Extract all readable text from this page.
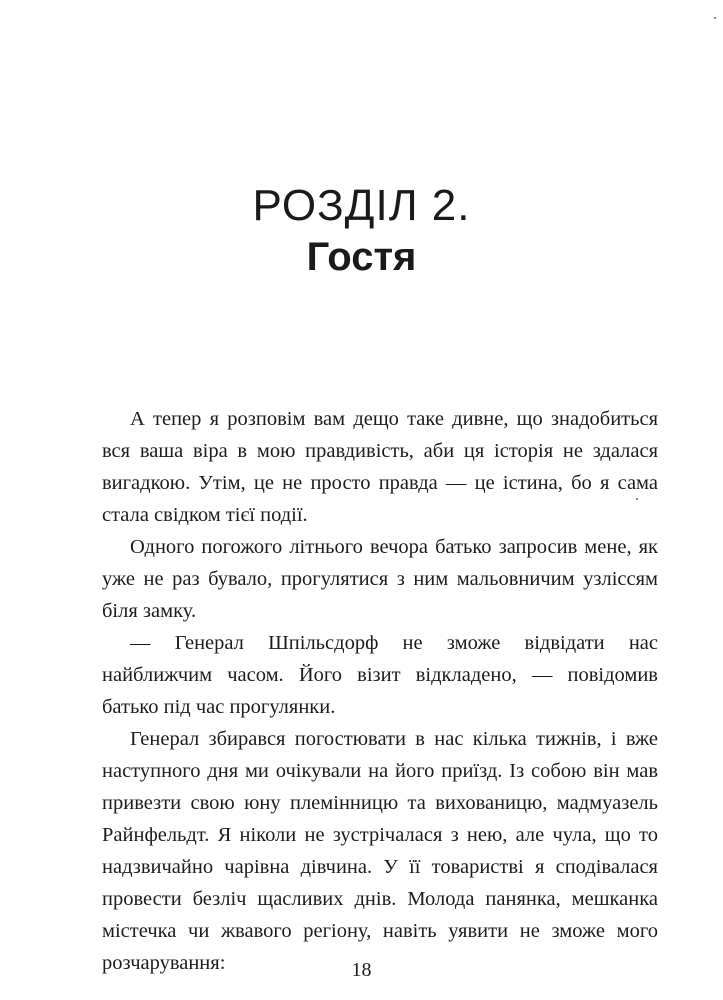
РОЗДІЛ 2.
Гостя

А тепер я розповім вам дещо таке дивне, що знадобиться вся ваша віра в мою правдивість, аби ця історія не здалася вигадкою. Утім, це не просто правда — це істина, бо я сама стала свідком тієї події.

Одного погожого літнього вечора батько запросив мене, як уже не раз бувало, прогулятися з ним мальовничим узліссям біля замку.

— Генерал Шпільсдорф не зможе відвідати нас найближчим часом. Його візит відкладено, — повідомив батько під час прогулянки.

Генерал збирався погостювати в нас кілька тижнів, і вже наступного дня ми очікували на його приїзд. Із собою він мав привезти свою юну племінницю та вихованицю, мадмуазель Райнфельдт. Я ніколи не зустрічалася з нею, але чула, що то надзвичайно чарівна дівчина. У її товаристві я сподівалася провести безліч щасливих днів. Молода панянка, мешканка містечка чи жвавого регіону, навіть уявити не зможе мого розчарування:	18
